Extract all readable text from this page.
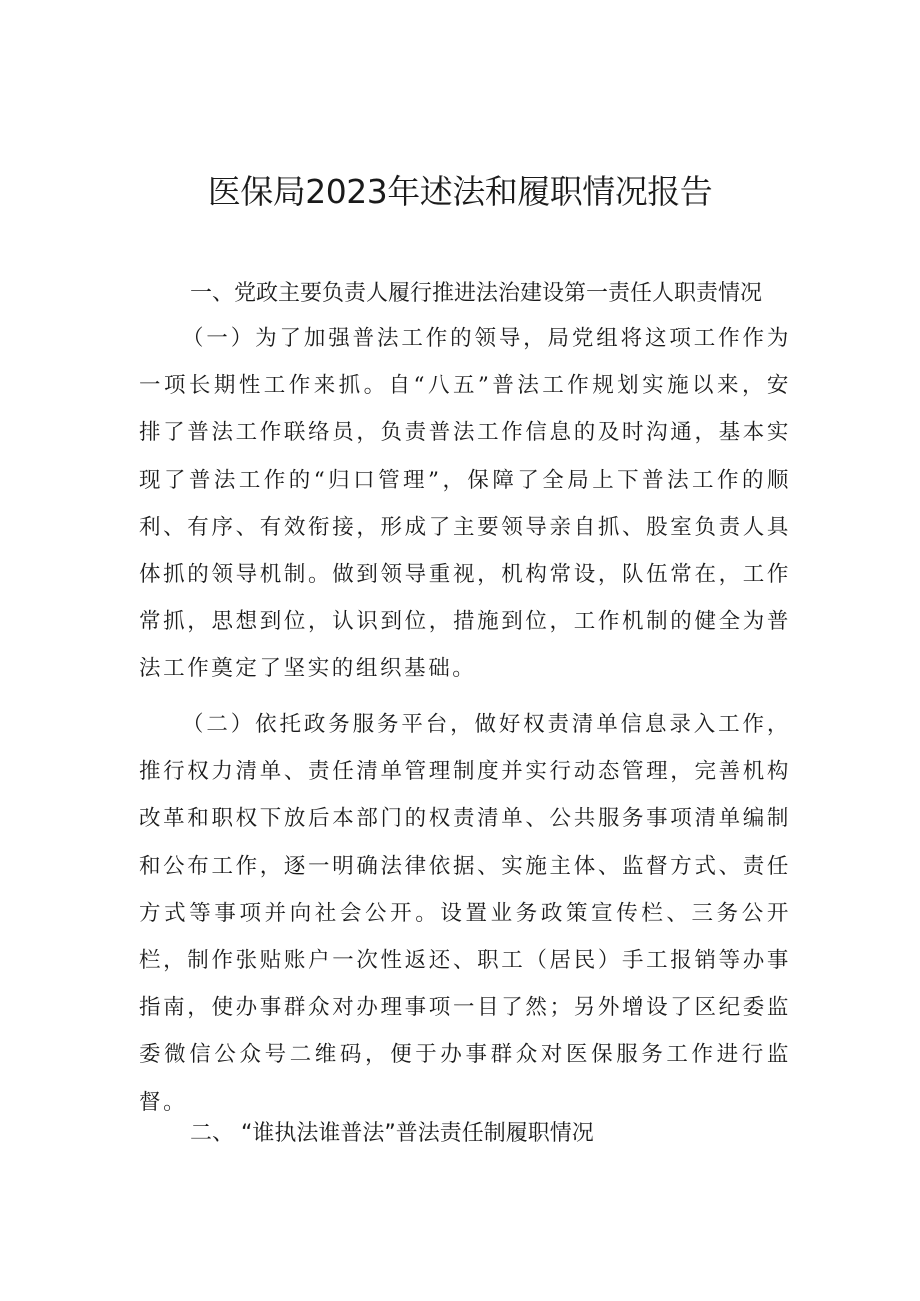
医保局2023年述法和履职情况报告
一、党政主要负责人履行推进法治建设第一责任人职责情况

（一）为了加强普法工作的领导，局党组将这项工作作为一项长期性工作来抓。自“八五”普法工作规划实施以来，安排了普法工作联络员，负责普法工作信息的及时沟通，基本实现了普法工作的“归口管理”，保障了全局上下普法工作的顺利、有序、有效衔接，形成了主要领导亲自抓、股室负责人具体抓的领导机制。做到领导重视，机构常设，队伍常在，工作常抓，思想到位，认识到位，措施到位，工作机制的健全为普法工作奠定了坚实的组织基础。

（二）依托政务服务平台，做好权责清单信息录入工作，推行权力清单、责任清单管理制度并实行动态管理，完善机构改革和职权下放后本部门的权责清单、公共服务事项清单编制和公布工作，逐一明确法律依据、实施主体、监督方式、责任方式等事项并向社会公开。设置业务政策宣传栏、三务公开栏，制作张贴账户一次性返还、职工（居民）手工报销等办事指南，使办事群众对办理事项一目了然；另外增设了区纪委监委微信公众号二维码，便于办事群众对医保服务工作进行监督。

二、 “谁执法谁普法”普法责任制履职情况
